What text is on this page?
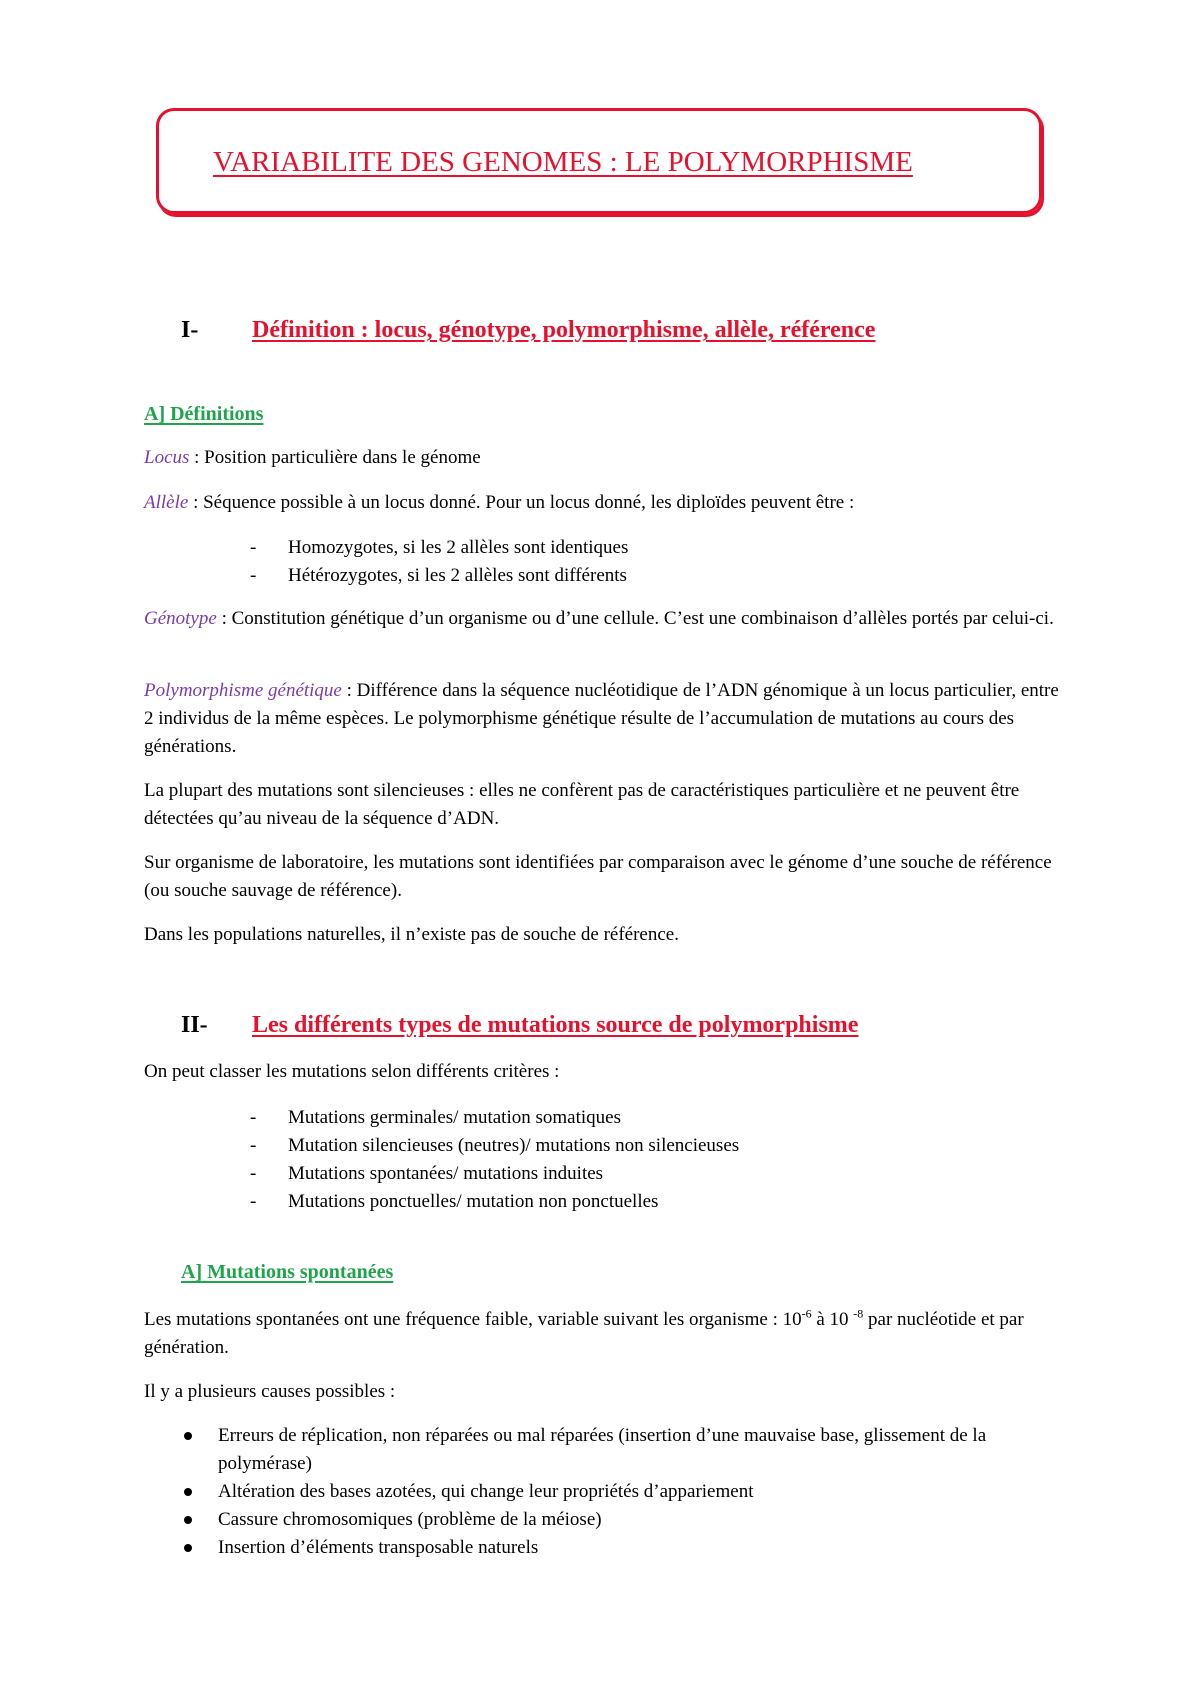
VARIABILITE DES GENOMES : LE POLYMORPHISME
I- Définition : locus, génotype, polymorphisme, allèle, référence
A] Définitions

Locus : Position particulière dans le génome

Allèle : Séquence possible à un locus donné. Pour un locus donné, les diploïdes peuvent être :

- Homozygotes, si les 2 allèles sont identiques
- Hétérozygotes, si les 2 allèles sont différents

Génotype : Constitution génétique d’un organisme ou d’une cellule. C’est une combinaison d’allèles portés par celui-ci.

Polymorphisme génétique : Différence dans la séquence nucléotidique de l’ADN génomique à un locus particulier, entre 2 individus de la même espèces. Le polymorphisme génétique résulte de l’accumulation de mutations au cours des générations.

La plupart des mutations sont silencieuses : elles ne confèrent pas de caractéristiques particulière et ne peuvent être détectées qu’au niveau de la séquence d’ADN.

Sur organisme de laboratoire, les mutations sont identifiées par comparaison avec le génome d’une souche de référence (ou souche sauvage de référence).

Dans les populations naturelles, il n’existe pas de souche de référence.

II- Les différents types de mutations source de polymorphisme

On peut classer les mutations selon différents critères :

- Mutations germinales/ mutation somatiques
- Mutation silencieuses (neutres)/ mutations non silencieuses
- Mutations spontanées/ mutations induites
- Mutations ponctuelles/ mutation non ponctuelles
A] Mutations spontanées

Les mutations spontanées ont une fréquence faible, variable suivant les organisme : $10^{-6}$ à 10 $^{-8}$ par nucléotide et par génération.

Il y a plusieurs causes possibles :

Erreurs de réplication, non réparées ou mal réparées (insertion d’une mauvaise base, glissement de la polymérase)
Altération des bases azotées, qui change leur propriétés d’appariement
Cassure chromosomiques (problème de la méiose)
Insertion d’éléments transposable naturels
